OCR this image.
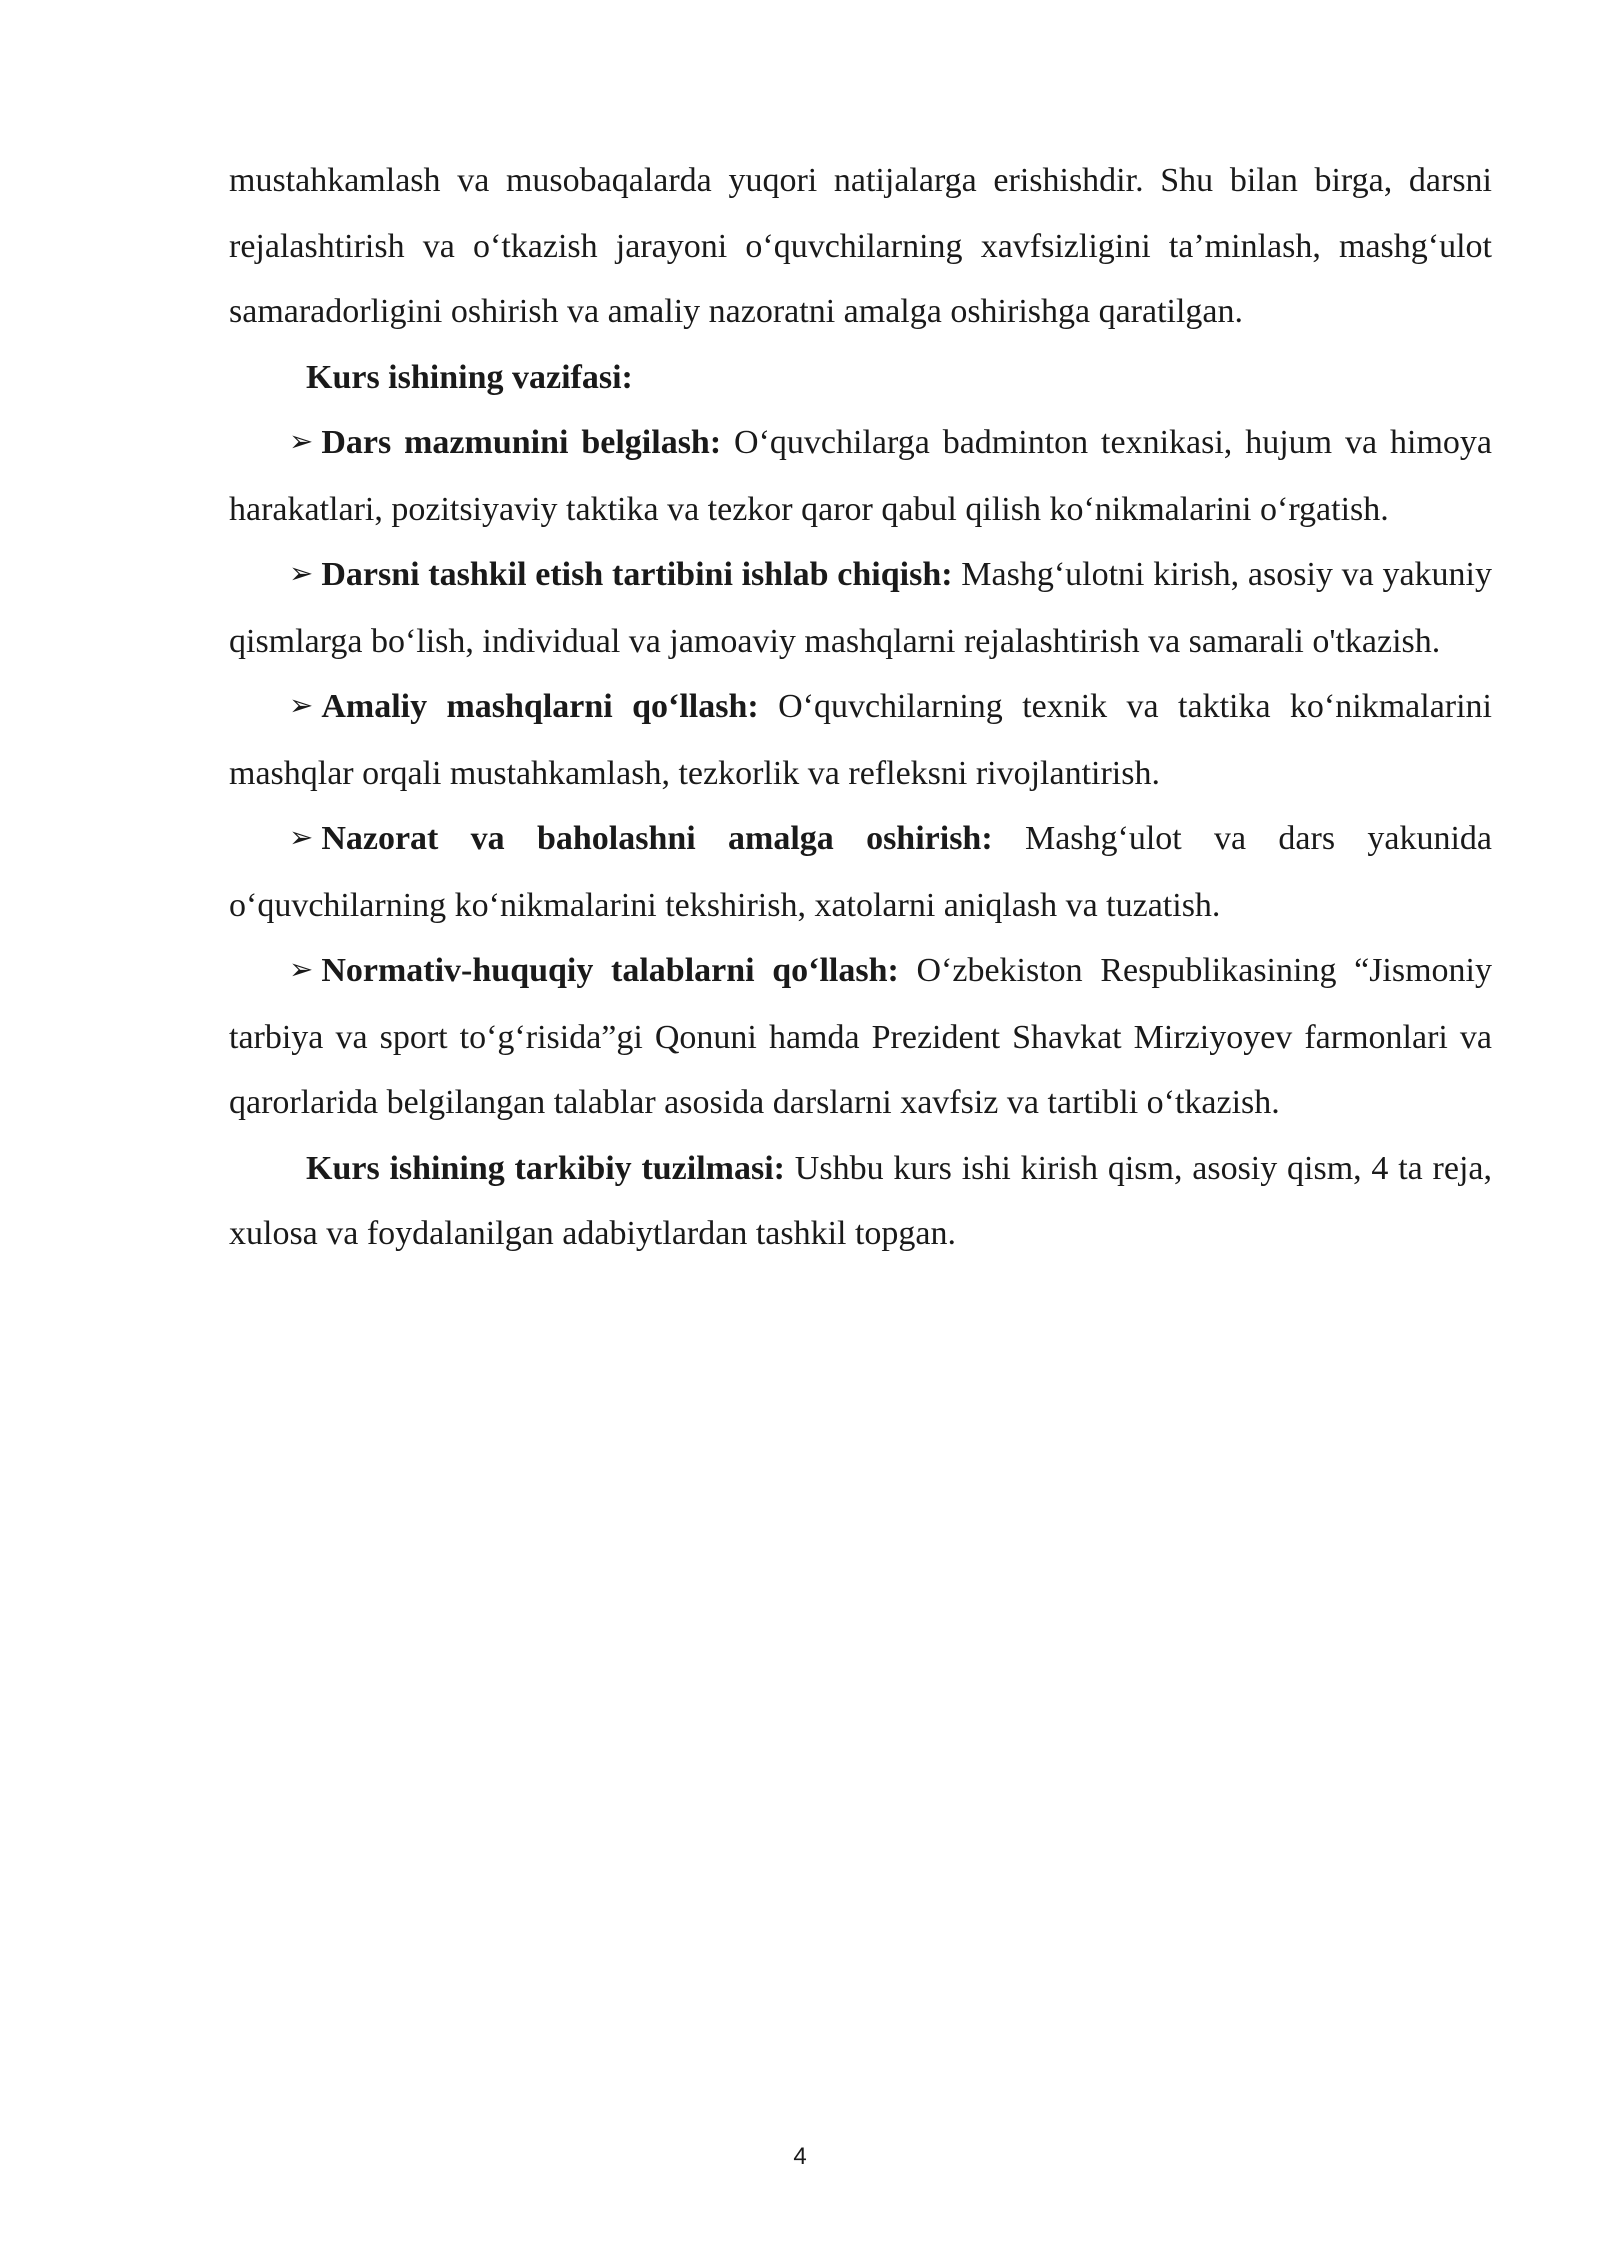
mustahkamlash va musobaqalarda yuqori natijalarga erishishdir. Shu bilan birga, darsni rejalashtirish va o‘tkazish jarayoni o‘quvchilarning xavfsizligini ta’minlash, mashg‘ulot samaradorligini oshirish va amaliy nazoratni amalga oshirishga qaratilgan.

Kurs ishining vazifasi:

➢ Dars mazmunini belgilash: O‘quvchilarga badminton texnikasi, hujum va himoya harakatlari, pozitsiyaviy taktika va tezkor qaror qabul qilish ko‘nikmalarini o‘rgatish.

➢ Darsni tashkil etish tartibini ishlab chiqish: Mashg‘ulotni kirish, asosiy va yakuniy qismlarga bo‘lish, individual va jamoaviy mashqlarni rejalashtirish va samarali o'tkazish.

➢ Amaliy mashqlarni qo‘llash: O‘quvchilarning texnik va taktika ko‘nikmalarini mashqlar orqali mustahkamlash, tezkorlik va refleksni rivojlantirish.

➢ Nazorat va baholashni amalga oshirish: Mashg‘ulot va dars yakunida o‘quvchilarning ko‘nikmalarini tekshirish, xatolarni aniqlash va tuzatish.

➢ Normativ-huquqiy talablarni qo‘llash: O‘zbekiston Respublikasining “Jismoniy tarbiya va sport to‘g‘risida”gi Qonuni hamda Prezident Shavkat Mirziyoyev farmonlari va qarorlarida belgilangan talablar asosida darslarni xavfsiz va tartibli o‘tkazish.

Kurs ishining tarkibiy tuzilmasi: Ushbu kurs ishi kirish qism, asosiy qism, 4 ta reja, xulosa va foydalanilgan adabiytlardan tashkil topgan.

4
